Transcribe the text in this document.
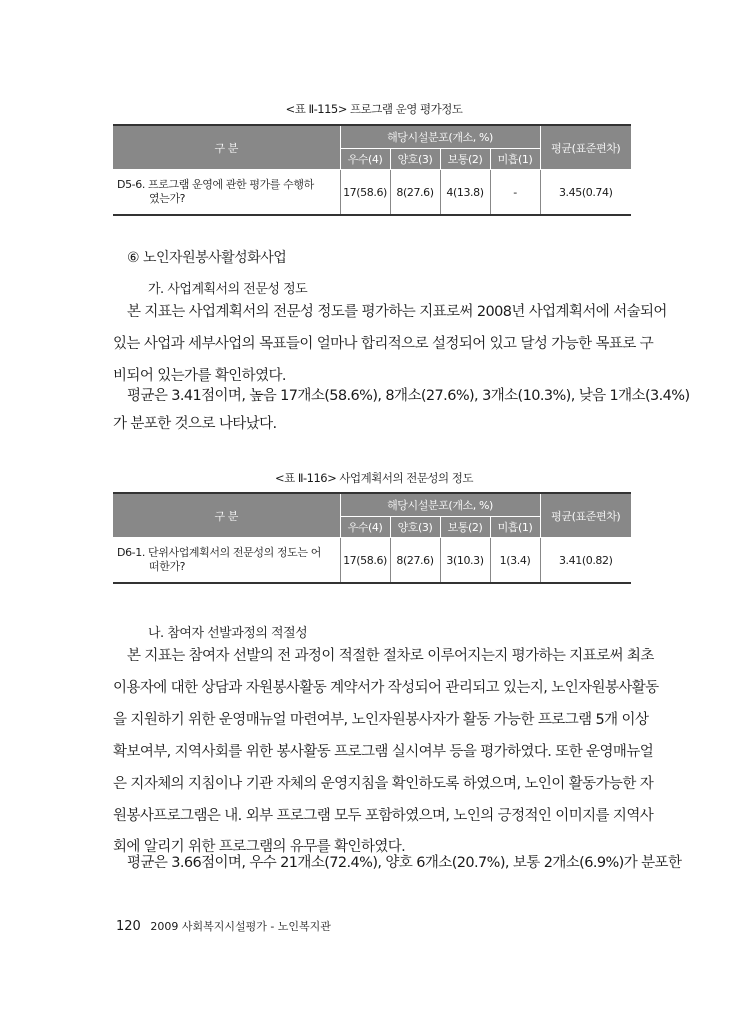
<표 Ⅱ-115> 프로그램 운영 평가정도
구 분	해당시설분포(개소, %)				평균(표준편차)
	우수(4)	양호(3)	보통(2)	미흡(1)	
D5-6. 프로그램 운영에 관한 평가를 수행하
였는가?	17(58.6)	8(27.6)	4(13.8)	-	3.45(0.74)
⑥ 노인자원봉사활성화사업
가. 사업계획서의 전문성 정도
본 지표는 사업계획서의 전문성 정도를 평가하는 지표로써 2008년 사업계획서에 서술되어
있는 사업과 세부사업의 목표들이 얼마나 합리적으로 설정되어 있고 달성 가능한 목표로 구
비되어 있는가를 확인하였다.
평균은 3.41점이며, 높음 17개소(58.6%), 8개소(27.6%), 3개소(10.3%), 낮음 1개소(3.4%)
가 분포한 것으로 나타났다.
<표 Ⅱ-116> 사업계획서의 전문성의 정도
구 분	해당시설분포(개소, %)				평균(표준편차)
	우수(4)	양호(3)	보통(2)	미흡(1)	
D6-1. 단위사업계획서의 전문성의 정도는 어
떠한가?	17(58.6)	8(27.6)	3(10.3)	1(3.4)	3.41(0.82)
나. 참여자 선발과정의 적절성
본 지표는 참여자 선발의 전 과정이 적절한 절차로 이루어지는지 평가하는 지표로써 최초
이용자에 대한 상담과 자원봉사활동 계약서가 작성되어 관리되고 있는지, 노인자원봉사활동
을 지원하기 위한 운영매뉴얼 마련여부, 노인자원봉사자가 활동 가능한 프로그램 5개 이상
확보여부, 지역사회를 위한 봉사활동 프로그램 실시여부 등을 평가하였다. 또한 운영매뉴얼
은 지자체의 지침이나 기관 자체의 운영지침을 확인하도록 하였으며, 노인이 활동가능한 자
원봉사프로그램은 내. 외부 프로그램 모두 포함하였으며, 노인의 긍정적인 이미지를 지역사
회에 알리기 위한 프로그램의 유무를 확인하였다.
평균은 3.66점이며, 우수 21개소(72.4%), 양호 6개소(20.7%), 보통 2개소(6.9%)가 분포한
120 2009 사회복지시설평가 - 노인복지관
